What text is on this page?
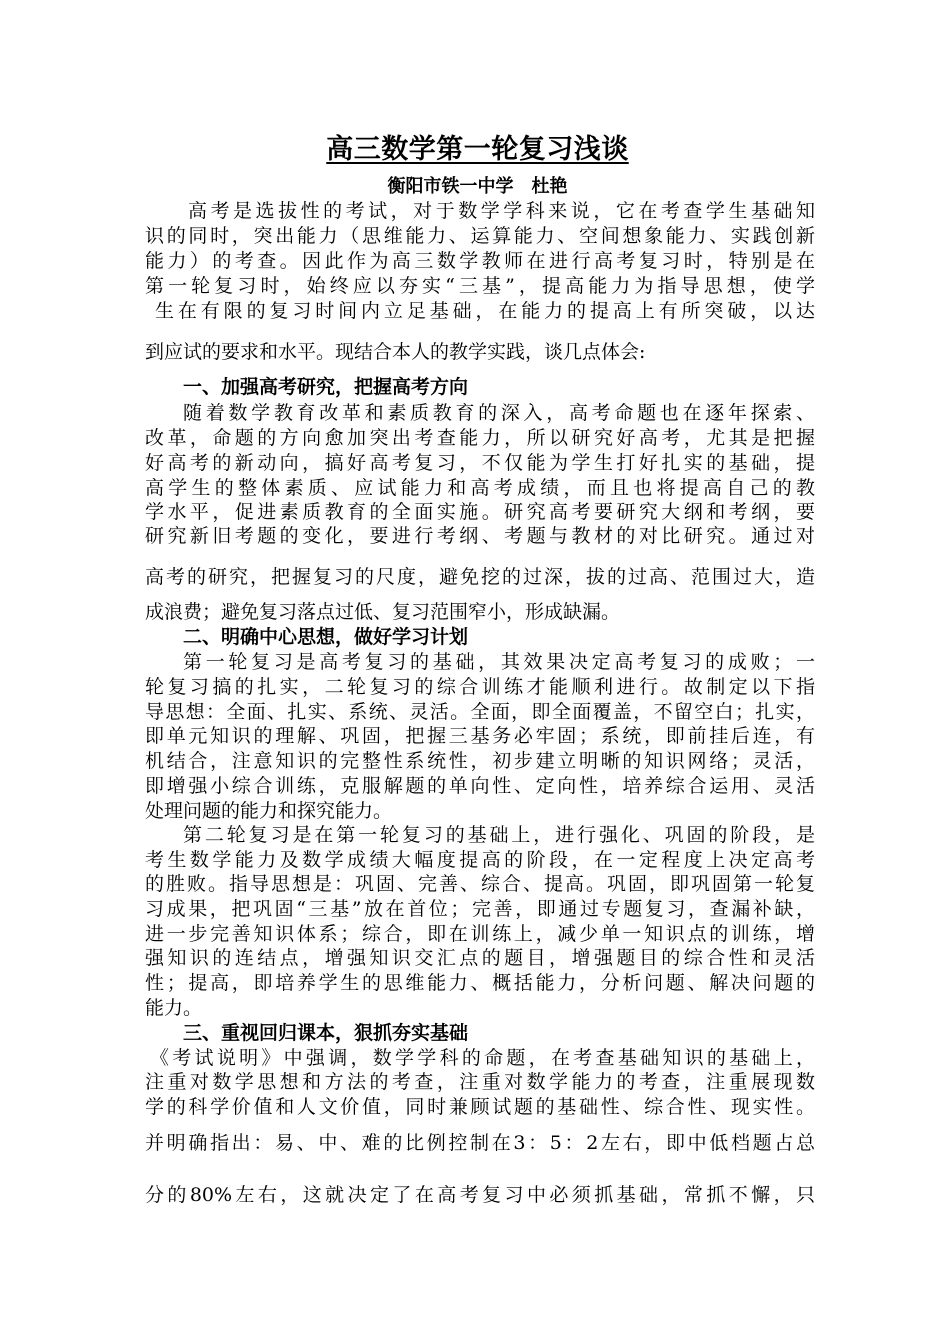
高三数学第一轮复习浅谈
衡阳市铁一中学　杜艳
高考是选拔性的考试，对于数学学科来说，它在考查学生基础知
识的同时，突出能力（思维能力、运算能力、空间想象能力、实践创新
能力）的考查。因此作为高三数学教师在进行高考复习时，特别是在
第一轮复习时，始终应以夯实“三基”，提高能力为指导思想，使学
生在有限的复习时间内立足基础，在能力的提高上有所突破，以达
到应试的要求和水平。现结合本人的教学实践，谈几点体会:
一、加强高考研究，把握高考方向
随着数学教育改革和素质教育的深入，高考命题也在逐年探索、
改革，命题的方向愈加突出考查能力，所以研究好高考，尤其是把握
好高考的新动向，搞好高考复习，不仅能为学生打好扎实的基础，提
高学生的整体素质、应试能力和高考成绩，而且也将提高自己的教
学水平，促进素质教育的全面实施。研究高考要研究大纲和考纲，要
研究新旧考题的变化，要进行考纲、考题与教材的对比研究。通过对
高考的研究，把握复习的尺度，避免挖的过深，拔的过高、范围过大，造
成浪费；避免复习落点过低、复习范围窄小，形成缺漏。
二、明确中心思想，做好学习计划
第一轮复习是高考复习的基础，其效果决定高考复习的成败；一
轮复习搞的扎实，二轮复习的综合训练才能顺利进行。故制定以下指
导思想：全面、扎实、系统、灵活。全面，即全面覆盖，不留空白；扎实，
即单元知识的理解、巩固，把握三基务必牢固；系统，即前挂后连，有
机结合，注意知识的完整性系统性，初步建立明晰的知识网络；灵活，
即增强小综合训练，克服解题的单向性、定向性，培养综合运用、灵活
处理问题的能力和探究能力。
第二轮复习是在第一轮复习的基础上，进行强化、巩固的阶段，是
考生数学能力及数学成绩大幅度提高的阶段，在一定程度上决定高考
的胜败。指导思想是：巩固、完善、综合、提高。巩固，即巩固第一轮复
习成果，把巩固“三基”放在首位；完善，即通过专题复习，查漏补缺，
进一步完善知识体系；综合，即在训练上，减少单一知识点的训练，增
强知识的连结点，增强知识交汇点的题目，增强题目的综合性和灵活
性；提高，即培养学生的思维能力、概括能力，分析问题、解决问题的
能力。
三、重视回归课本，狠抓夯实基础
《考试说明》中强调，数学学科的命题，在考查基础知识的基础上，
注重对数学思想和方法的考查，注重对数学能力的考查，注重展现数
学的科学价值和人文价值，同时兼顾试题的基础性、综合性、现实性。
并明确指出：易、中、难的比例控制在3：5：2左右，即中低档题占总
分的80%左右，这就决定了在高考复习中必须抓基础，常抓不懈，只
